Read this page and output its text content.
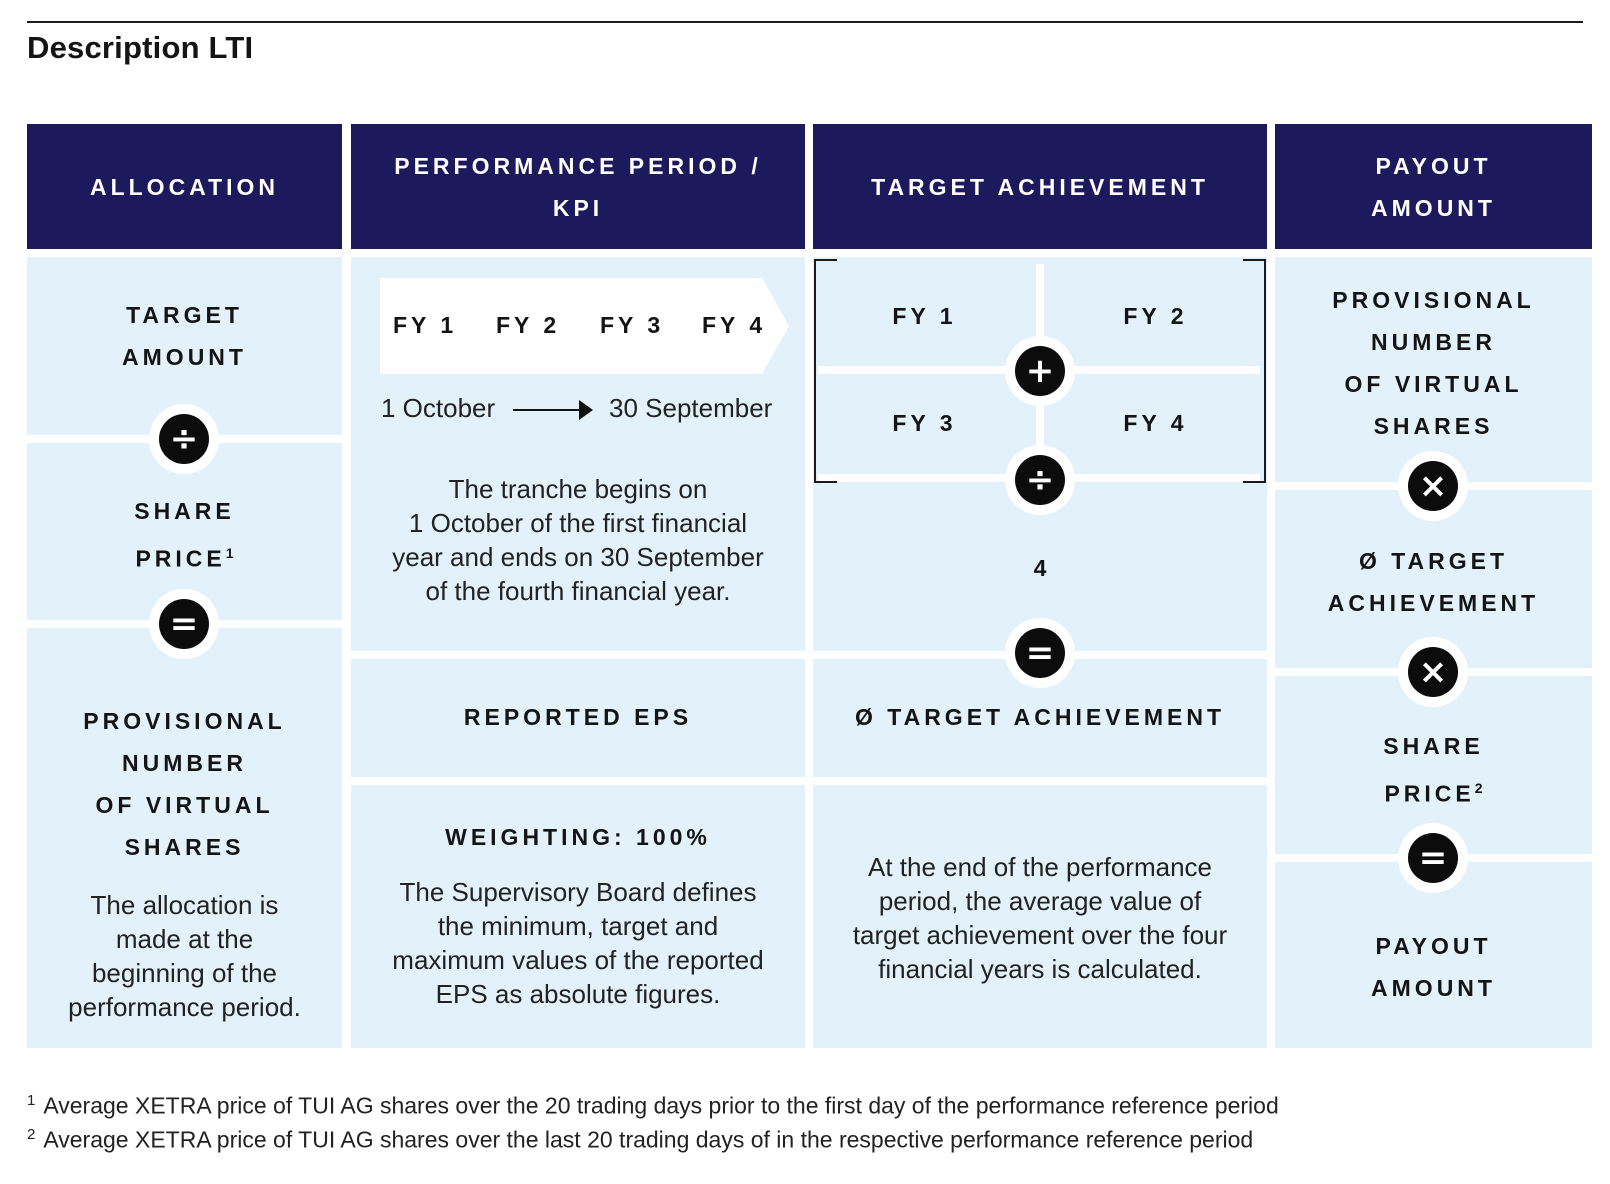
Description LTI
ALLOCATION
PERFORMANCE PERIOD /
KPI
TARGET ACHIEVEMENT
PAYOUT
AMOUNT
TARGET
AMOUNT
÷
SHARE
$PRICE^1$
=
PROVISIONAL
NUMBER
OF VIRTUAL
SHARES
The allocation is
made at the
beginning of the
performance period.
FY 1 FY 2 FY 3 FY 4
1 October	30 September
The tranche begins on
1 October of the first financial
year and ends on 30 September
of the fourth financial year.
REPORTED EPS
WEIGHTING: 100%
The Supervisory Board defines
the minimum, target and
maximum values of the reported
EPS as absolute figures.
FY 1	FY 2
FY 3	FY 4
+
÷
4
=
Ø TARGET ACHIEVEMENT
At the end of the performance
period, the average value of
target achievement over the four
financial years is calculated.
PROVISIONAL
NUMBER
OF VIRTUAL
SHARES
×
Ø TARGET
ACHIEVEMENT
×
SHARE
$PRICE^2$
=
PAYOUT
AMOUNT
$^1$ Average XETRA price of TUI AG shares over the 20 trading days prior to the first day of the performance reference period
$^2$ Average XETRA price of TUI AG shares over the last 20 trading days of in the respective performance reference period
